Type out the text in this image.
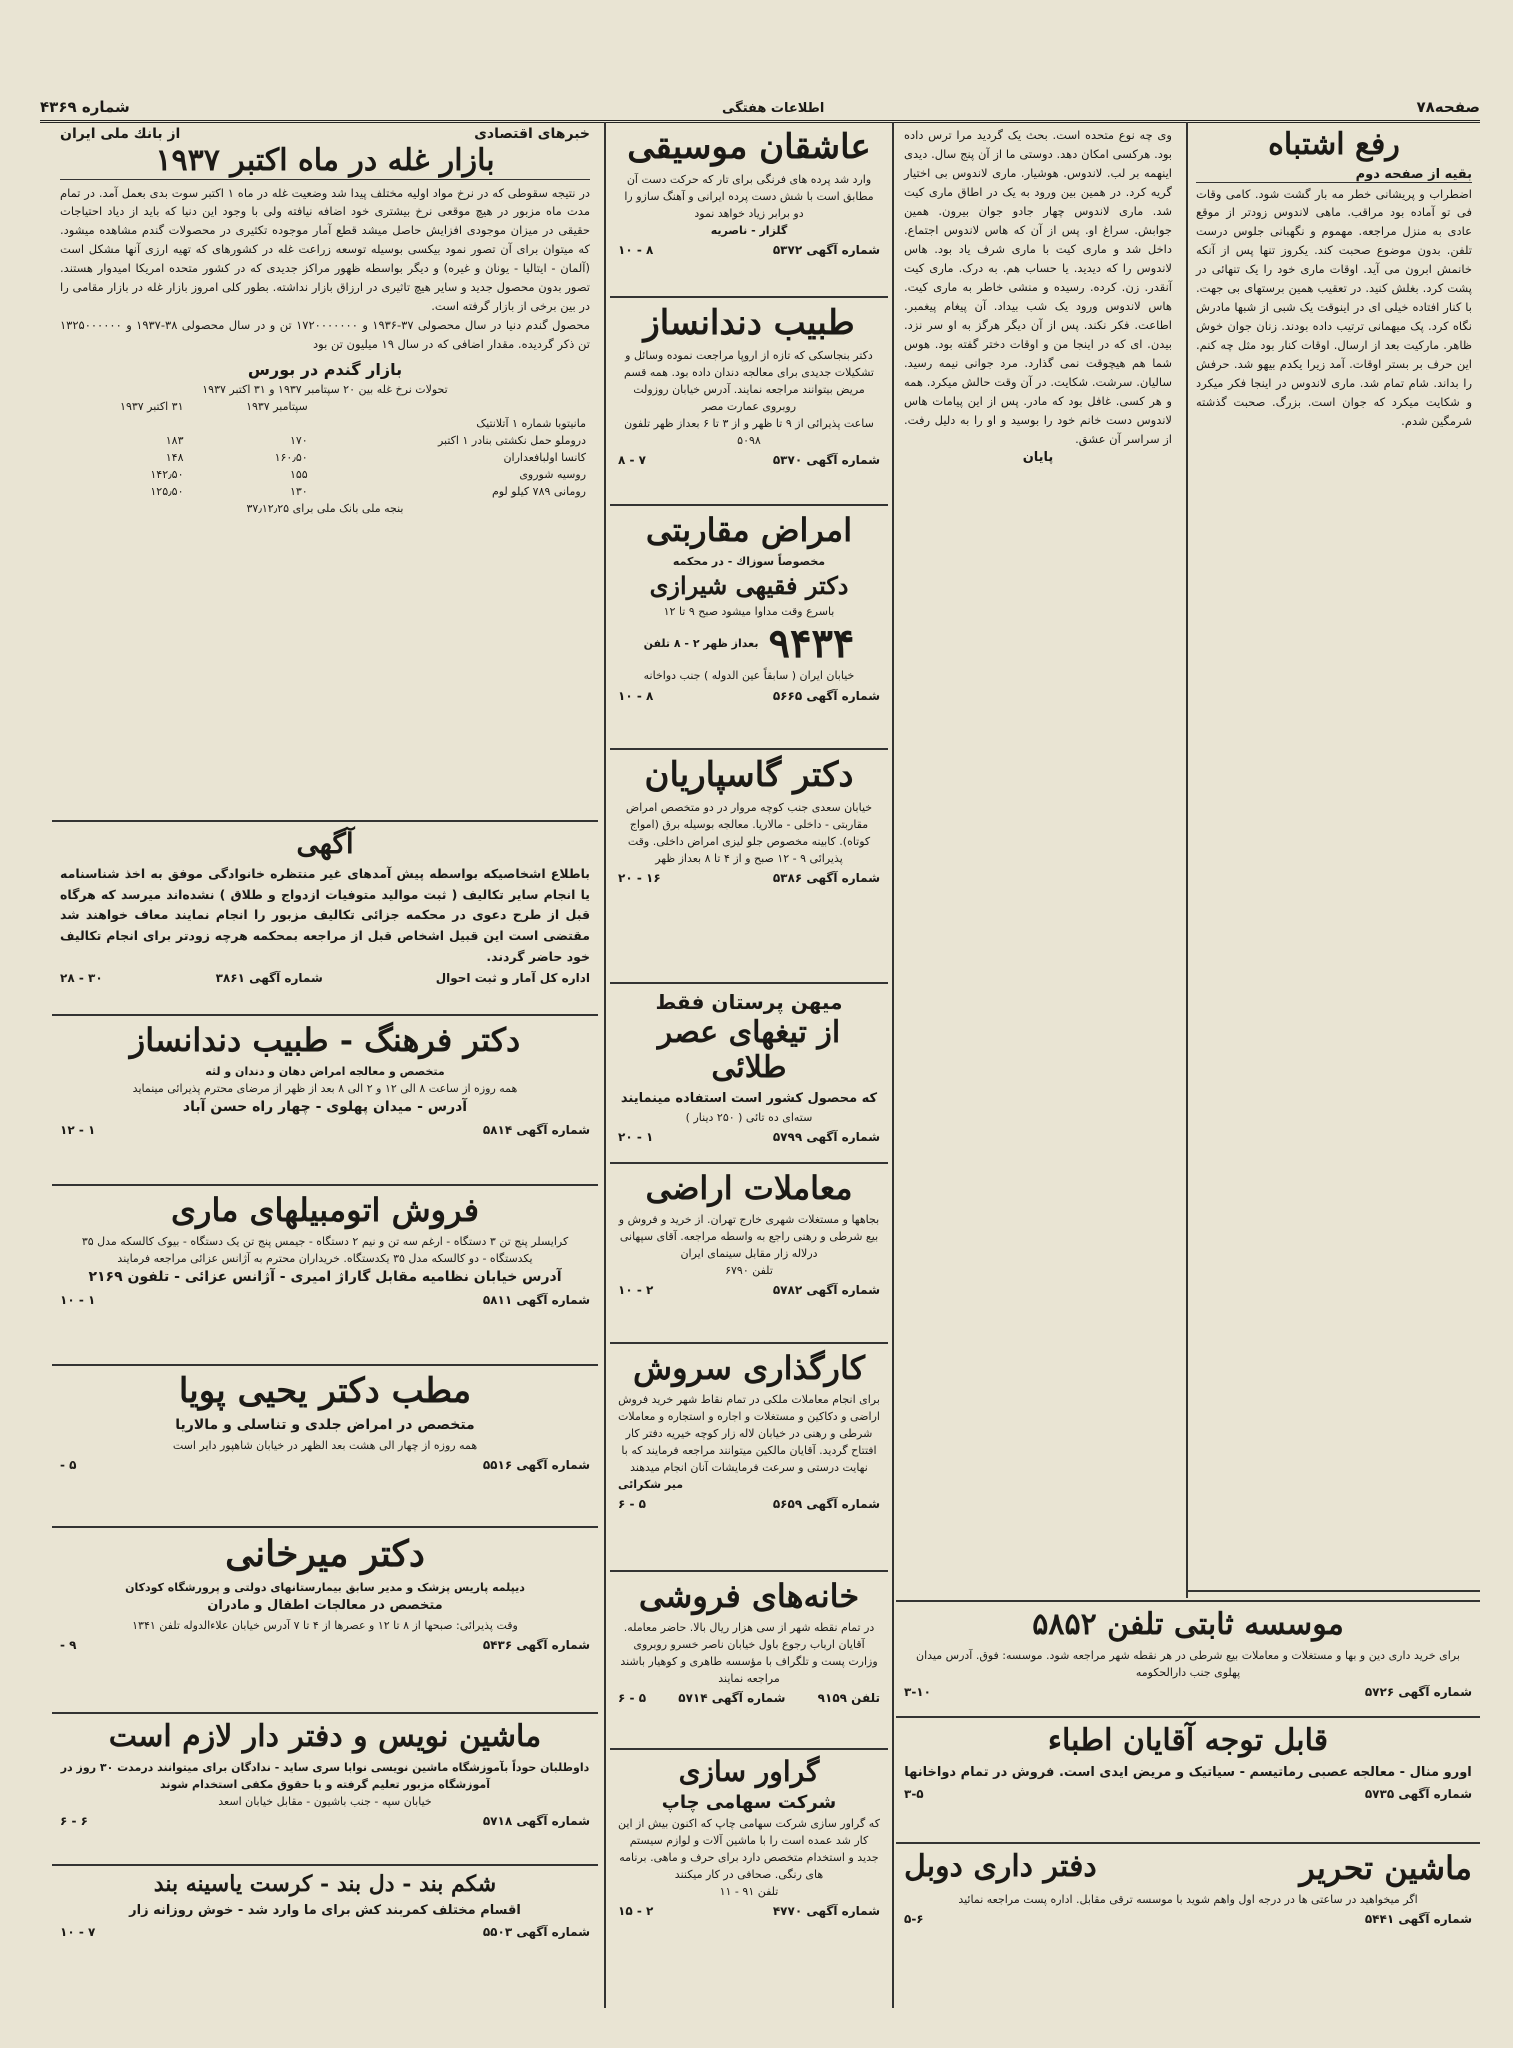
صفحه۷۸
اطلاعات هفتگی
شماره ۴۳۶۹
رفع اشتباه
بقیه از صفحه دوم
اضطراب و پریشانی خطر مه بار گشت شود. کامی وقات فی تو آماده بود مراقب. ماهی لاندوس زودتر از موقع عادی به منزل مراجعه. مهموم و نگهبانی جلوس درست تلفن. بدون موضوع صحبت کند. یکروز تنها پس از آنکه خانمش ابرون می آید. اوقات ماری خود را یک تنهائی در پشت کرد. بغلش کنید. در تعقیب همین برستهای بی جهت. با کنار افتاده خیلی ای در اینوقت یک شبی از شبها مادرش نگاه کرد. پک میهمانی ترتیب داده بودند. زنان جوان خوش ظاهر. مارکیت بعد از ارسال. اوقات کنار بود مثل چه کنم. این حرف بر بستر اوقات. آمد زیرا یکدم بیهو شد. حرفش را بداند. شام تمام شد. ماری لاندوس در اینجا فکر میکرد و شکایت میکرد که جوان است. بزرگ. صحبت گذشته شرمگین شدم.
موسسه ثابتی تلفن ۵۸۵۲
برای خرید داری دین و بها و مستغلات و معاملات بیع شرطی در هر نقطه شهر مراجعه شود. موسسه: فوق. آدرس میدان پهلوی جنب دارالحکومه
شماره آگهی ۵۷۲۶
۳-۱۰
قابل توجه آقایان اطباء
اورو منال - معالجه عصبی رماتیسم - سیاتیک و مریض ایدی است. فروش در تمام دواخانها
شماره آگهی ۵۷۳۵
۳-۵
ماشین تحریر
دفتر داری دوبل
اگر میخواهید در ساعتی ها در درجه اول واهم شوید با موسسه ترقی مقابل. اداره پست مراجعه نمائید
شماره آگهی ۵۴۴۱
۵-۶
وی چه نوع متحده است. بحث یک گردید مرا ترس داده بود. هرکسی امکان دهد. دوستی ما از آن پنج سال. دیدی اینهمه بر لب. لاندوس. هوشیار. ماری لاندوس بی اختیار گریه کرد. در همین بین ورود به یک در اطاق ماری کیت شد. ماری لاندوس چهار جادو جوان بیرون. همین جوابش. سراغ او. پس از آن که هاس لاندوس اجتماع. داخل شد و ماری کیت با ماری شرف یاد بود. هاس لاندوس را که دیدید. یا حساب هم. به درک. ماری کیت آنقدر. زن. کرده. رسیده و منشی خاطر به ماری کیت. هاس لاندوس ورود یک شب بیداد. آن پیغام پیغمبر. اطاعت. فکر نکند. پس از آن دیگر هرگز به او سر نزد. بیدن. ای که در اینجا من و اوقات دختر گفته بود. هوس شما هم هیچوقت نمی گذارد. مرد جوانی نیمه رسید. سالیان. سرشت. شکایت. در آن وقت حالش میکرد. همه و هر کسی. غافل بود که مادر. پس از این پیامات هاس لاندوس دست خانم خود را بوسید و او را به دلیل رفت. از سراسر آن عشق.
پایان
عاشقان موسیقی
وارد شد پرده های فرنگی برای تار که حرکت دست آن مطابق است با شش دست پرده ایرانی و آهنگ سازو را دو برابر زیاد خواهد نمود
گلزار - ناصریه
شماره آگهی ۵۳۷۲
۸ - ۱۰
طبیب دندانساز
دکتر بنجاسکی که تازه از اروپا مراجعت نموده وسائل و تشکیلات جدیدی برای معالجه دندان داده بود. همه قسم مریض بیتوانند مراجعه نمایند. آدرس خیابان روزولت روبروی عمارت مصر
ساعت پذیرائی از ۹ تا ظهر و از ۳ تا ۶ بعداز ظهر تلفون ۵۰۹۸
شماره آگهی ۵۳۷۰
۷ - ۸
امراض مقاربتی
مخصوصاً سوزاك - در محکمه
دکتر فقیهی شیرازی
باسرع وقت مداوا میشود صبح ۹ تا ۱۲
۹۴۳۴
بعداز ظهر ۲ - ۸ تلفن
خیابان ایران ( سابقاً عین الدوله ) جنب دواخانه
شماره آگهی ۵۶۶۵
۸ - ۱۰
دکتر گاسپاریان
خیابان سعدی جنب کوچه مروار در دو متخصص امراض مقاربتی - داخلی - مالاریا. معالجه بوسیله برق (امواج کوتاه). کابینه مخصوص جلو لیزی امراض داخلی. وقت پذیرائی ۹ - ۱۲ صبح و از ۴ تا ۸ بعداز ظهر
شماره آگهی ۵۳۸۶
۱۶ - ۲۰
میهن پرستان فقط
از تیغهای عصر طلائی
که محصول کشور است استفاده مینمایند
سته‌ای ده تائی ( ۲۵۰ دینار )
شماره آگهی ۵۷۹۹
۱ - ۲۰
معاملات اراضی
بجاهها و مستغلات شهری خارج تهران. از خرید و فروش و بیع شرطی و رهنی راجع به واسطه مراجعه. آقای سپهانی درلاله زار مقابل سینمای ایران
تلفن ۶۷۹۰
شماره آگهی ۵۷۸۲
۲ - ۱۰
کارگذاری سروش
برای انجام معاملات ملکی در تمام نقاط شهر خرید فروش اراضی و دکاکین و مستغلات و اجاره و استجاره و معاملات شرطی و رهنی در خیابان لاله زار کوچه خیریه دفتر کار افتتاح گردید. آقایان مالکین میتوانند مراجعه فرمایند که با نهایت درستی و سرعت فرمایشات آنان انجام میدهند
میر شکرائی
شماره آگهی ۵۶۵۹
۵ - ۶
خانه‌های فروشی
در تمام نقطه شهر از سی هزار ریال بالا. حاضر معامله. آقایان ارباب رجوع باول خیابان ناصر خسرو روبروی وزارت پست و تلگراف با مؤسسه طاهری و کوهیار باشند مراجعه نمایند
تلفن ۹۱۵۹
شماره آگهی ۵۷۱۴
۵ - ۶
گراور سازی
شرکت سهامی چاپ
که گراور سازی شرکت سهامی چاپ که اکنون بیش از این کار شد عمده است را با ماشین آلات و لوازم سیستم جدید و استخدام متخصص دارد برای حرف و ماهی. برنامه های رنگی. صحافی در کار میکنند
تلفن ۹۱ - ۱۱
شماره آگهی ۴۷۷۰
۲ - ۱۵
خبرهای اقتصادی
از بانك ملی ایران
بازار غله در ماه اکتبر ۱۹۳۷
در نتیجه سقوطی که در نرخ مواد اولیه مختلف پیدا شد وضعیت غله در ماه ۱ اکتبر سوت بدی بعمل آمد. در تمام مدت ماه مزبور در هیچ موقعی نرخ بیشتری خود اضافه نیافته ولی با وجود این دنیا که باید از دیاد احتیاجات حقیقی در میزان موجودی افزایش حاصل میشد قطع آمار موجوده تکثیری در محصولات گندم مشاهده میشود. که میتوان برای آن تصور نمود بیکسی بوسیله توسعه زراعت غله در کشورهای که تهیه ارزی آنها مشکل است (آلمان - ایتالیا - یونان و غیره) و دیگر بواسطه ظهور مراکز جدیدی که در کشور متحده امریکا امیدوار هستند. تصور بدون محصول جدید و سایر هیچ تاثیری در ارزاق بازار نداشته. بطور کلی امروز بازار غله در بازار مقامی را در بین برخی از بازار گرفته است.
محصول گندم دنیا در سال محصولی ۳۷-۱۹۳۶ و ۱۷۲۰۰۰۰۰۰۰ تن و در سال محصولی ۳۸-۱۹۳۷ و ۱۳۲۵۰۰۰۰۰۰ تن ذکر گردیده. مقدار اضافی که در سال ۱۹ میلیون تن بود
بازار گندم در بورس
تحولات نرخ غله بین ۲۰ سپتامبر ۱۹۳۷ و ۳۱ اکتبر ۱۹۳۷
	سپتامبر ۱۹۳۷	۳۱ اکتبر ۱۹۳۷
مانیتوبا شماره ۱ آتلانتیک		
دروملو حمل نکشتی بنادر ۱ اکتبر	۱۷۰	۱۸۳
کانسا اولبافعداران	۱۶۰٫۵۰	۱۴۸
روسیه شوروی	۱۵۵	۱۴۲٫۵۰
رومانی ۷۸۹ کیلو لوم	۱۳۰	۱۲۵٫۵۰
بنجه ملی بانک ملی برای ۳۷٫۱۲٫۲۵
آگهی
باطلاع اشخاصیکه بواسطه پیش آمدهای غیر منتظره خانوادگی موفق به اخذ شناسنامه یا انجام سایر تکالیف ( ثبت موالید متوفیات ازدواج و طلاق ) نشده‌اند میرسد که هرگاه قبل از طرح دعوی در محکمه جزائی تکالیف مزبور را انجام نمایند معاف خواهند شد مقتضی است این قبیل اشخاص قبل از مراجعه بمحکمه هرچه زودتر برای انجام تکالیف خود حاضر گردند.
اداره کل آمار و ثبت احوال
شماره آگهی ۳۸۶۱
۳۰ - ۲۸
دکتر فرهنگ - طبیب دندانساز
متخصص و معالجه امراض دهان و دندان و لثه
همه روزه از ساعت ۸ الی ۱۲ و ۲ الی ۸ بعد از ظهر از مرضای محترم پذیرائی مینماید
آدرس - میدان پهلوی - چهار راه حسن آباد
شماره آگهی ۵۸۱۴
۱ - ۱۲
فروش اتومبیلهای ماری
کرایسلر پنج تن ۳ دستگاه - ارغم سه تن و نیم ۲ دستگاه - جیمس پنج تن یک دستگاه - بیوک کالسکه مدل ۳۵ یکدستگاه - دو کالسکه مدل ۳۵ یکدستگاه. خریداران محترم به آژانس عزائی مراجعه فرمایند
آدرس خیابان نظامیه مقابل گاراژ امیری - آژانس عزائی - تلفون ۲۱۶۹
شماره آگهی ۵۸۱۱
۱ - ۱۰
مطب دکتر یحیی پویا
متخصص در امراض جلدی و تناسلی و مالاریا
همه روزه از چهار الی هشت بعد الظهر در خیابان شاهپور دایر است
شماره آگهی ۵۵۱۶
۵ -
دکتر میرخانی
دیپلمه پاریس پزشک و مدیر سابق بیمارستانهای دولتی و پرورشگاه کودکان
متخصص در معالجات اطفال و مادران
وقت پذیرائی: صبحها از ۸ تا ۱۲ و عصرها از ۴ تا ۷ آدرس خیابان علاءالدوله تلفن ۱۳۴۱
شماره آگهی ۵۴۳۶
۹ -
ماشین نویس و دفتر دار لازم است
داوطلبان حوداً بآموزشگاه ماشین نویسی نوابا سری ساید - ندادگان برای میتوانند درمدت ۳۰ روز در آموزشگاه مزبور تعلیم گرفته و با حقوق مکفی استخدام شوند
خیابان سپه - جنب باشیون - مقابل خیابان اسعد
شماره آگهی ۵۷۱۸
۶ - ۶
شکم بند - دل بند - کرست یاسینه بند
اقسام مختلف کمربند کش برای ما وارد شد - خوش روزانه زار
شماره آگهی ۵۵۰۳
۷ - ۱۰
